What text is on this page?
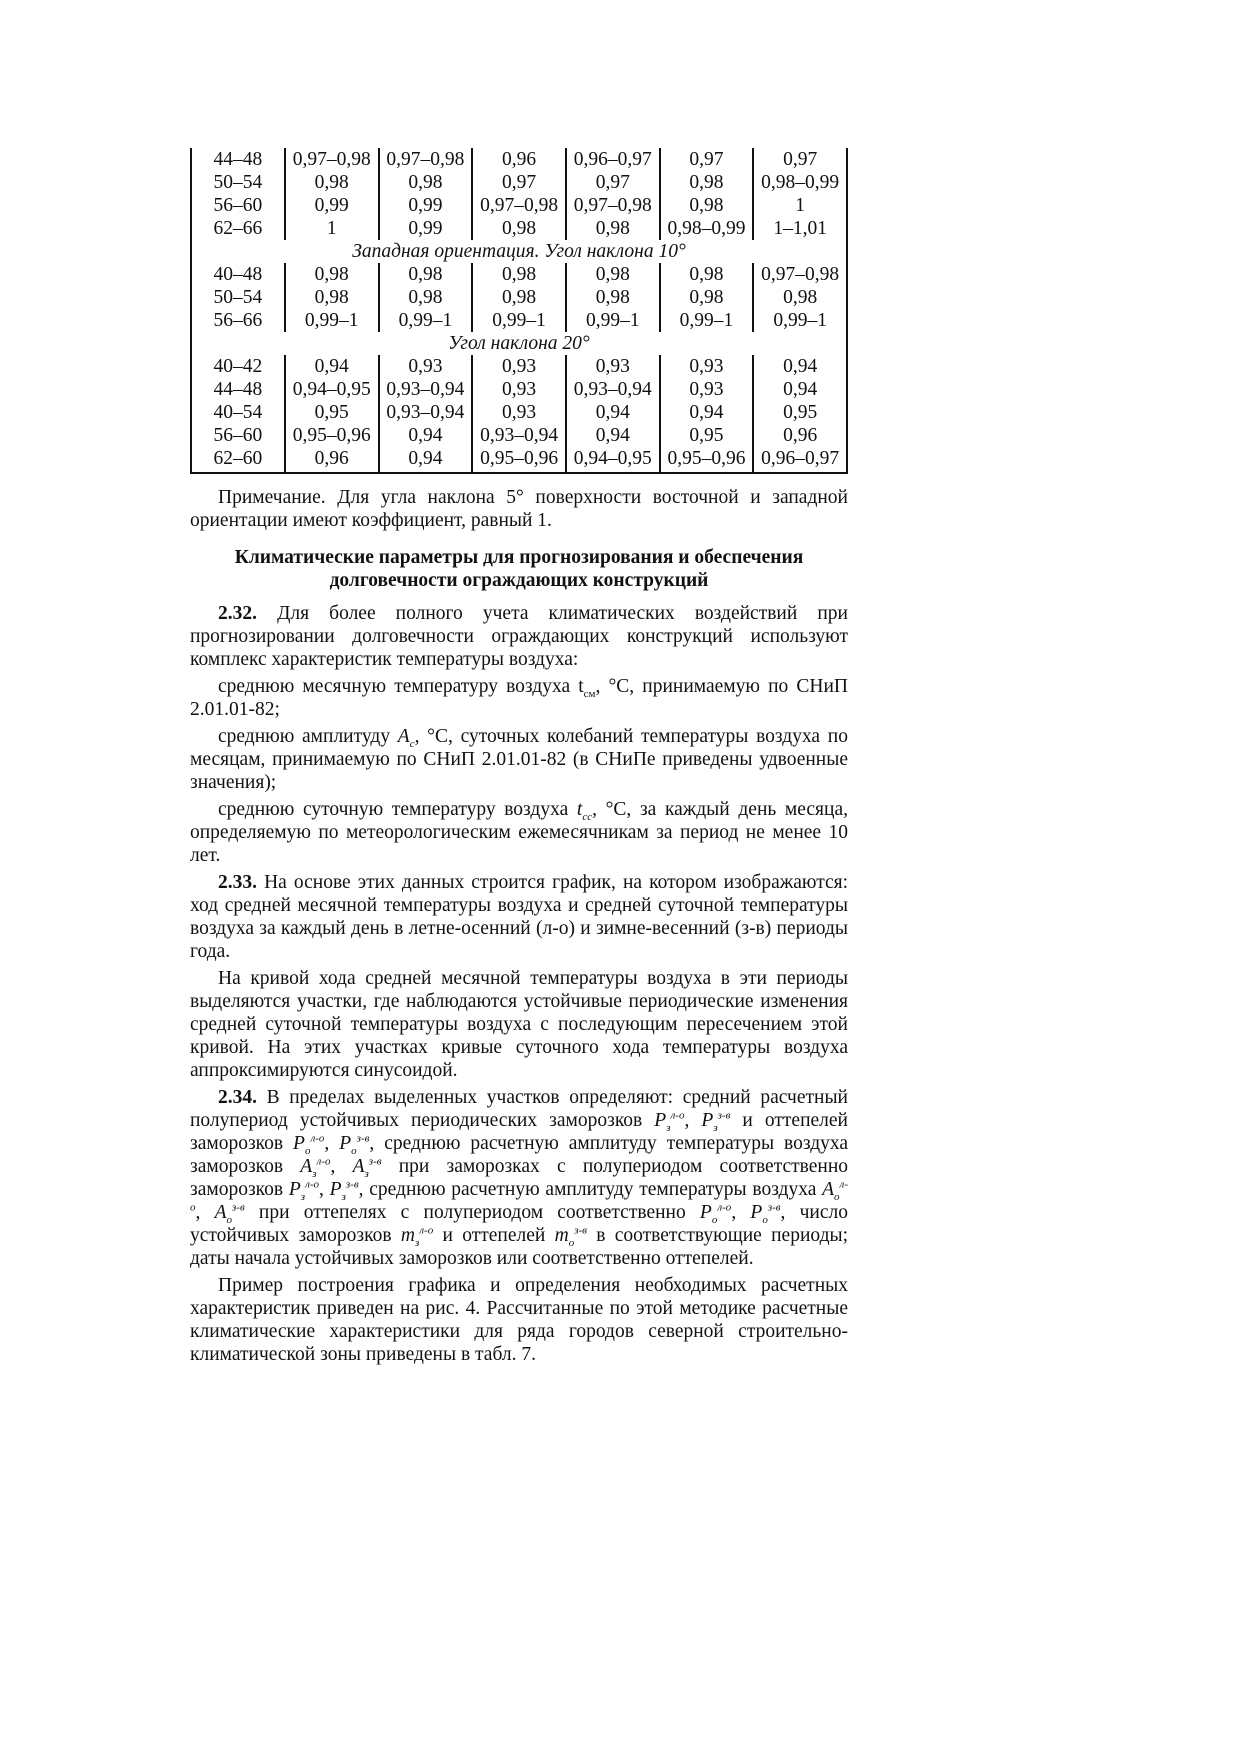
44–48	0,97–0,98	0,97–0,98	0,96	0,96–0,97	0,97	0,97
50–54	0,98	0,98	0,97	0,97	0,98	0,98–0,99
56–60	0,99	0,99	0,97–0,98	0,97–0,98	0,98	1
62–66	1	0,99	0,98	0,98	0,98–0,99	1–1,01
Западная ориентация. Угол наклона 10°						
40–48	0,98	0,98	0,98	0,98	0,98	0,97–0,98
50–54	0,98	0,98	0,98	0,98	0,98	0,98
56–66	0,99–1	0,99–1	0,99–1	0,99–1	0,99–1	0,99–1
Угол наклона 20°						
40–42	0,94	0,93	0,93	0,93	0,93	0,94
44–48	0,94–0,95	0,93–0,94	0,93	0,93–0,94	0,93	0,94
40–54	0,95	0,93–0,94	0,93	0,94	0,94	0,95
56–60	0,95–0,96	0,94	0,93–0,94	0,94	0,95	0,96
62–60	0,96	0,94	0,95–0,96	0,94–0,95	0,95–0,96	0,96–0,97

Примечание. Для угла наклона 5° поверхности восточной и западной ориентации имеют коэффициент, равный 1.

Климатические параметры для прогнозирования и обеспечения
долговечности ограждающих конструкций

2.32. Для более полного учета климатических воздействий при прогнозировании долговечности ограждающих конструкций используют комплекс характеристик температуры воздуха:

среднюю месячную температуру воздуха $t_{см}$, °С, принимаемую по СНиП 2.01.01-82;

среднюю амплитуду $A_c$, °С, суточных колебаний температуры воздуха по месяцам, принимаемую по СНиП 2.01.01-82 (в СНиПе приведены удвоенные значения);

среднюю суточную температуру воздуха $t_{cc}$, °С, за каждый день месяца, определяемую по метеорологическим ежемесячникам за период не менее 10 лет.

2.33. На основе этих данных строится график, на котором изображаются: ход средней месячной температуры воздуха и средней суточной температуры воздуха за каждый день в летне-осенний (л-о) и зимне-весенний (з-в) периоды года.

На кривой хода средней месячной температуры воздуха в эти периоды выделяются участки, где наблюдаются устойчивые периодические изменения средней суточной температуры воздуха с последующим пересечением этой кривой. На этих участках кривые суточного хода температуры воздуха аппроксимируются синусоидой.

2.34. В пределах выделенных участков определяют: средний расчетный полупериод устойчивых периодических заморозков $P_з^{л-о}$, $P_з^{з-в}$ и оттепелей заморозков $P_о^{л-о}$, $P_о^{з-в}$, среднюю расчетную амплитуду температуры воздуха заморозков $A_з^{л-о}$, $A_з^{з-в}$ при заморозках с полупериодом соответственно заморозков $P_з^{л-о}$, $P_з^{з-в}$, среднюю расчетную амплитуду температуры воздуха $A_о^{л-о}$, $A_о^{з-в}$ при оттепелях с полупериодом соответственно $P_о^{л-о}$, $P_о^{з-в}$, число устойчивых заморозков $m_з^{л-о}$ и оттепелей $m_о^{з-в}$ в соответствующие периоды; даты начала устойчивых заморозков или соответственно оттепелей.

Пример построения графика и определения необходимых расчетных характеристик приведен на рис. 4. Рассчитанные по этой методике расчетные климатические характеристики для ряда городов северной строительно-климатической зоны приведены в табл. 7.
